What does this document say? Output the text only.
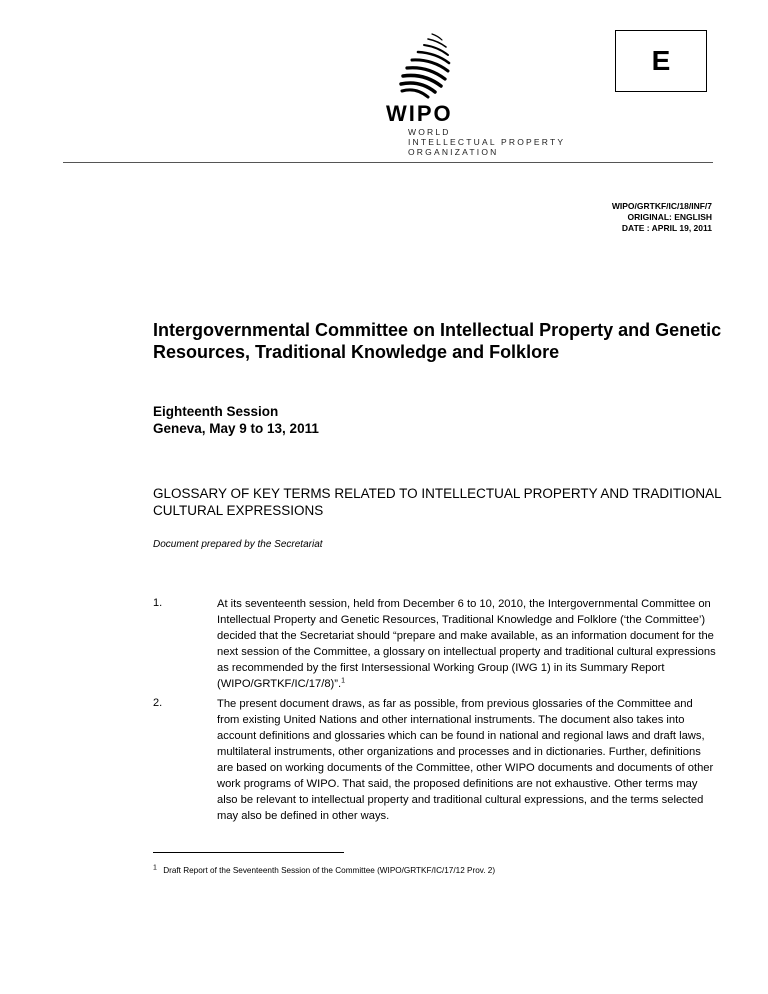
E
WIPO
WORLD
INTELLECTUAL PROPERTY
ORGANIZATION
WIPO/GRTKF/IC/18/INF/7
ORIGINAL: ENGLISH
DATE : APRIL 19, 2011
Intergovernmental Committee on Intellectual Property and Genetic Resources, Traditional Knowledge and Folklore
Eighteenth Session
Geneva, May 9 to 13, 2011
GLOSSARY OF KEY TERMS RELATED TO INTELLECTUAL PROPERTY AND TRADITIONAL CULTURAL EXPRESSIONS
Document prepared by the Secretariat
1.	At its seventeenth session, held from December 6 to 10, 2010, the Intergovernmental Committee on Intellectual Property and Genetic Resources, Traditional Knowledge and Folklore (‘the Committee’) decided that the Secretariat should “prepare and make available, as an information document for the next session of the Committee, a glossary on intellectual property and traditional cultural expressions as recommended by the first Intersessional Working Group (IWG 1) in its Summary Report (WIPO/GRTKF/IC/17/8)”.$^1$
2.	The present document draws, as far as possible, from previous glossaries of the Committee and from existing United Nations and other international instruments. The document also takes into account definitions and glossaries which can be found in national and regional laws and draft laws, multilateral instruments, other organizations and processes and in dictionaries. Further, definitions are based on working documents of the Committee, other WIPO documents and documents of other work programs of WIPO. That said, the proposed definitions are not exhaustive. Other terms may also be relevant to intellectual property and traditional cultural expressions, and the terms selected may also be defined in other ways.
$^1$ Draft Report of the Seventeenth Session of the Committee (WIPO/GRTKF/IC/17/12 Prov. 2)
